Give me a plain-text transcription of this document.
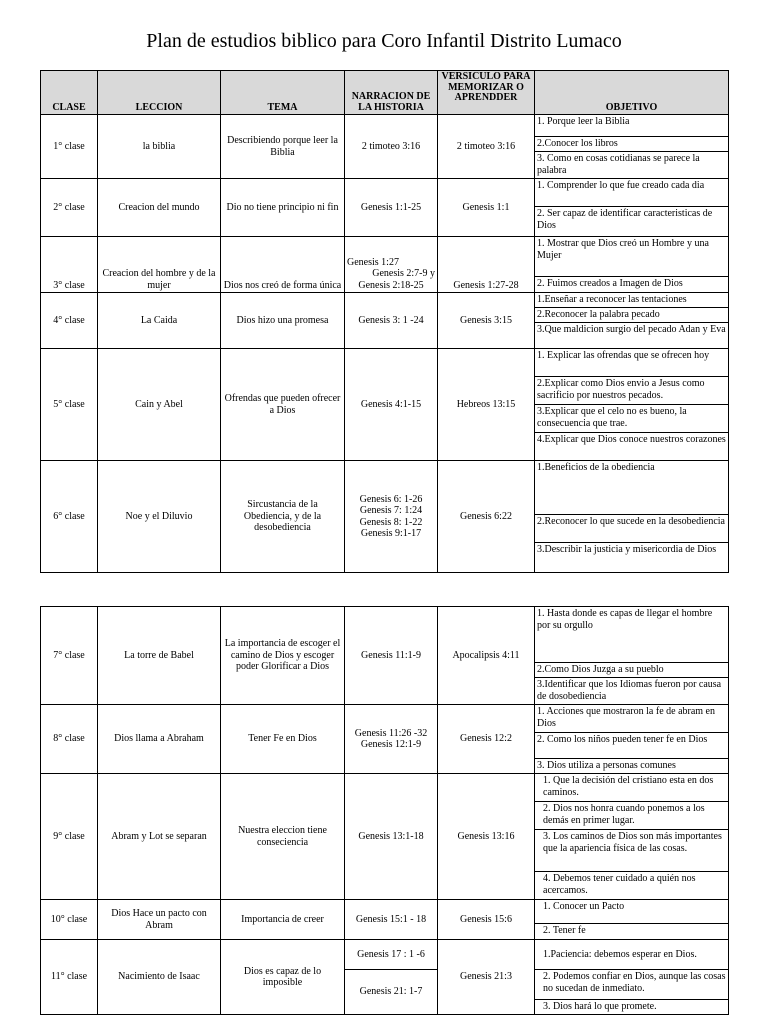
Plan de estudios biblico para Coro Infantil Distrito Lumaco
CLASE	LECCION	TEMA	NARRACION DE LA HISTORIA	VERSICULO PARA MEMORIZAR O APRENDDER	OBJETIVO
1° clase	la biblia	Describiendo porque leer la Biblia	2 timoteo 3:16	2 timoteo 3:16	1. Porque leer la Biblia
					2.Conocer los libros
					3. Como en cosas cotidianas se parece la palabra
2° clase	Creacion del mundo	Dio no tiene principio ni fin	Genesis 1:1-25	Genesis 1:1	1. Comprender lo que fue creado cada dia
					2. Ser capaz de identificar caracteristicas de Dios
3° clase	Creacion del hombre y de la mujer	Dios nos creó de forma única	Genesis 1:27
Genesis 2:7-9 y
Genesis 2:18-25	Genesis 1:27-28	1. Mostrar que Dios creó un Hombre y una Mujer
					2. Fuimos creados a Imagen de Dios
4° clase	La Caida	Dios hizo una promesa	Genesis 3: 1 -24	Genesis 3:15	1.Enseñar a reconocer las tentaciones
					2.Reconocer la palabra pecado
					3.Que maldicion surgio del pecado Adan y Eva
5° clase	Cain y Abel	Ofrendas que pueden ofrecer a Dios	Genesis 4:1-15	Hebreos 13:15	1. Explicar las ofrendas que se ofrecen hoy
					2.Explicar como Dios envio a Jesus como sacrificio por nuestros pecados.
					3.Explicar que el celo no es bueno, la consecuencia que trae.
					4.Explicar que Dios conoce nuestros corazones
6° clase	Noe y el Diluvio	Sircustancia de la Obediencia, y de la desobediencia	Genesis 6: 1-26
Genesis 7: 1:24
Genesis 8: 1-22
Genesis 9:1-17	Genesis 6:22	1.Beneficios de la obediencia
					2.Reconocer lo que sucede en la desobediencia
					3.Describir la justicia y misericordia de Dios
7° clase	La torre de Babel	La importancia de escoger el camino de Dios y escoger poder Glorificar a Dios	Genesis 11:1-9	Apocalipsis 4:11	1. Hasta donde es capas de llegar el hombre por su orgullo
					2.Como Dios Juzga a su pueblo
					3.Identificar que los Idiomas fueron por causa de dosobediencia
8° clase	Dios llama a Abraham	Tener Fe en Dios	Genesis 11:26 -32
Genesis 12:1-9	Genesis 12:2	1. Acciones que mostraron la fe de abram en Dios
					2. Como los niños pueden tener fe en Dios
					3. Dios utiliza a personas comunes
9° clase	Abram y Lot se separan	Nuestra eleccion tiene conseciencia	Genesis 13:1-18	Genesis 13:16	1. Que la decisión del cristiano esta en dos caminos.
					2. Dios nos honra cuando ponemos a los demás en primer lugar.
					3. Los caminos de Dios son más importantes que la apariencia física de las cosas.
					4. Debemos tener cuidado a quién nos acercamos.
10° clase	Dios Hace un pacto con Abram	Importancia de creer	Genesis 15:1 - 18	Genesis 15:6	1. Conocer un Pacto
					2. Tener fe
11° clase	Nacimiento de Isaac	Dios es capaz de lo imposible	Genesis 17 : 1 -6	Genesis 21:3	1.Paciencia: debemos esperar en Dios.
			Genesis 21: 1-7		2. Podemos confiar en Dios, aunque las cosas no sucedan de inmediato.
					3. Dios hará lo que promete.
